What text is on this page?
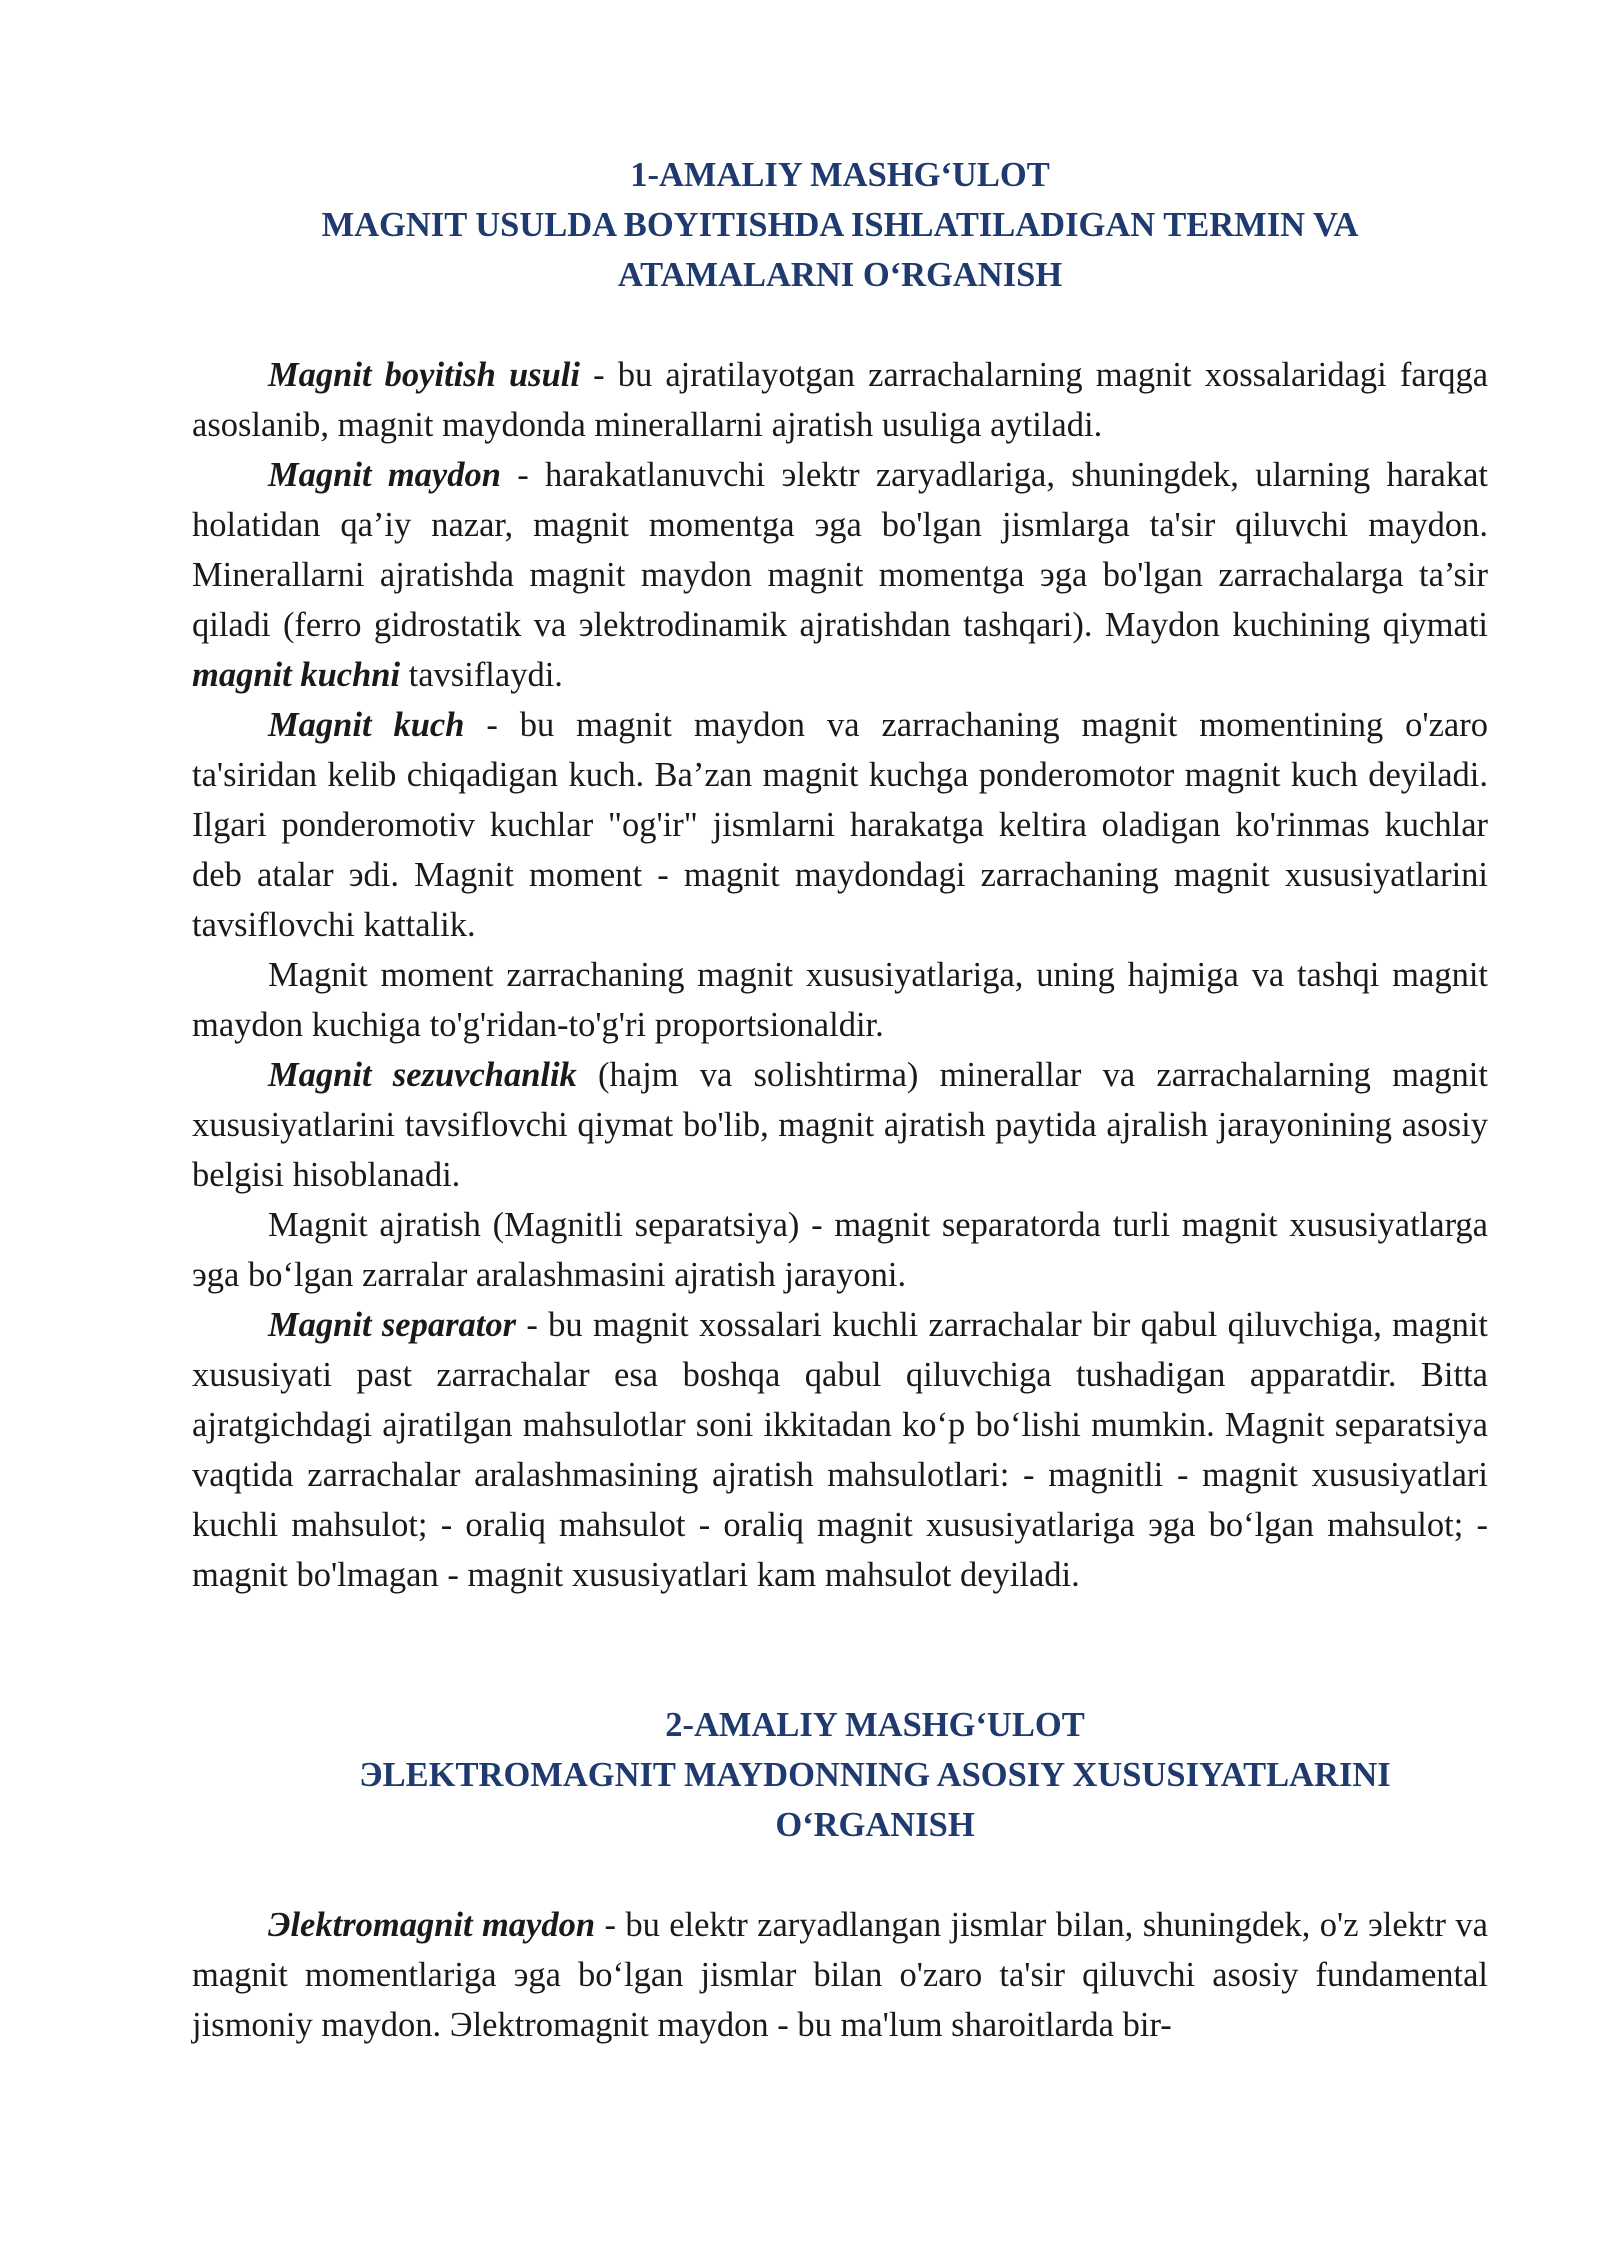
1-AMALIY MASHG‘ULOT
MAGNIT USULDA BOYITISHDA ISHLATILADIGAN TERMIN VA
ATAMALARNI O‘RGANISH

Magnit boyitish usuli - bu ajratilayotgan zarrachalarning magnit xossalaridagi farqga asoslanib, magnit maydonda minerallarni ajratish usuliga aytiladi.

Magnit maydon - harakatlanuvchi эlektr zaryadlariga, shuningdek, ularning harakat holatidan qa’iy nazar, magnit momentga эga bo'lgan jismlarga ta'sir qiluvchi maydon. Minerallarni ajratishda magnit maydon magnit momentga эga bo'lgan zarrachalarga ta’sir qiladi (ferro gidrostatik va эlektrodinamik ajratishdan tashqari). Maydon kuchining qiymati magnit kuchni tavsiflaydi.

Magnit kuch - bu magnit maydon va zarrachaning magnit momentining o'zaro ta'siridan kelib chiqadigan kuch. Ba’zan magnit kuchga ponderomotor magnit kuch deyiladi. Ilgari ponderomotiv kuchlar "og'ir" jismlarni harakatga keltira oladigan ko'rinmas kuchlar deb atalar эdi. Magnit moment - magnit maydondagi zarrachaning magnit xususiyatlarini tavsiflovchi kattalik.

Magnit moment zarrachaning magnit xususiyatlariga, uning hajmiga va tashqi magnit maydon kuchiga to'g'ridan-to'g'ri proportsionaldir.

Magnit sezuvchanlik (hajm va solishtirma) minerallar va zarrachalarning magnit xususiyatlarini tavsiflovchi qiymat bo'lib, magnit ajratish paytida ajralish jarayonining asosiy belgisi hisoblanadi.

Magnit ajratish (Magnitli separatsiya) - magnit separatorda turli magnit xususiyatlarga эga bo‘lgan zarralar aralashmasini ajratish jarayoni.

Magnit separator - bu magnit xossalari kuchli zarrachalar bir qabul qiluvchiga, magnit xususiyati past zarrachalar esa boshqa qabul qiluvchiga tushadigan apparatdir. Bitta ajratgichdagi ajratilgan mahsulotlar soni ikkitadan ko‘p bo‘lishi mumkin. Magnit separatsiya vaqtida zarrachalar aralashmasining ajratish mahsulotlari: - magnitli - magnit xususiyatlari kuchli mahsulot; - oraliq mahsulot - oraliq magnit xususiyatlariga эga bo‘lgan mahsulot; - magnit bo'lmagan - magnit xususiyatlari kam mahsulot deyiladi.

2-AMALIY MASHG‘ULOT
ЭLEKTROMAGNIT MAYDONNING ASOSIY XUSUSIYATLARINI
O‘RGANISH

Эlektromagnit maydon - bu elektr zaryadlangan jismlar bilan, shuningdek, o'z эlektr va magnit momentlariga эga bo‘lgan jismlar bilan o'zaro ta'sir qiluvchi asosiy fundamental jismoniy maydon. Эlektromagnit maydon - bu ma'lum sharoitlarda bir-
